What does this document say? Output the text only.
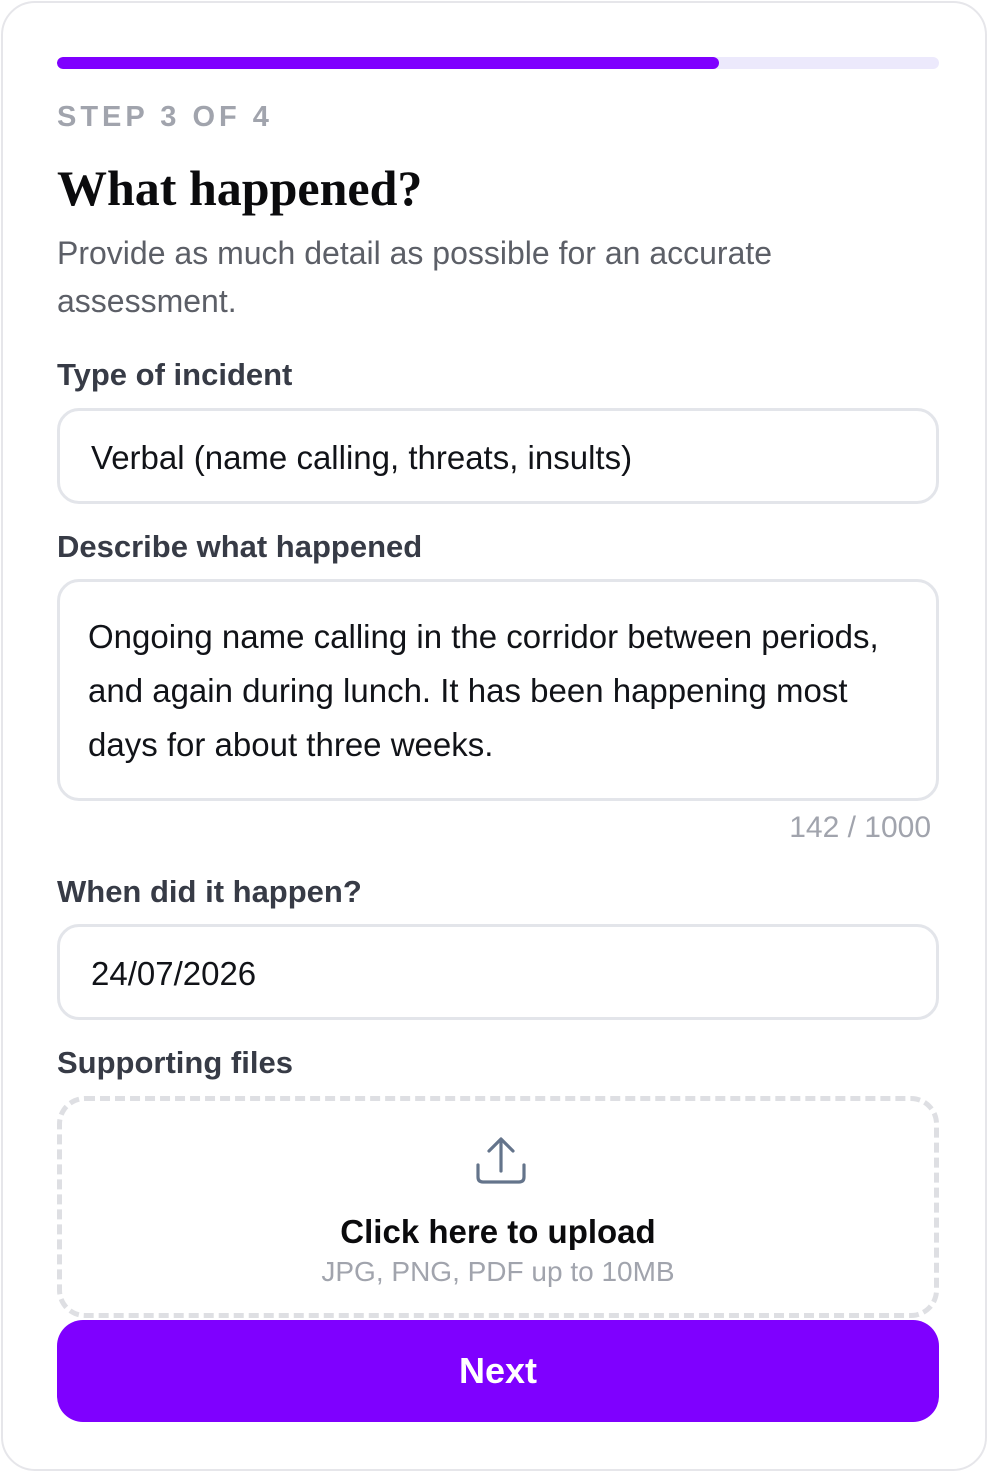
STEP 3 OF 4
What happened?
Provide as much detail as possible for an accurate assessment.
Type of incident
Verbal (name calling, threats, insults)
Describe what happened
Ongoing name calling in the corridor between periods, and again during lunch. It has been happening most days for about three weeks.
142 / 1000
When did it happen?
24/07/2026
Supporting files
Click here to upload
JPG, PNG, PDF up to 10MB
Next
